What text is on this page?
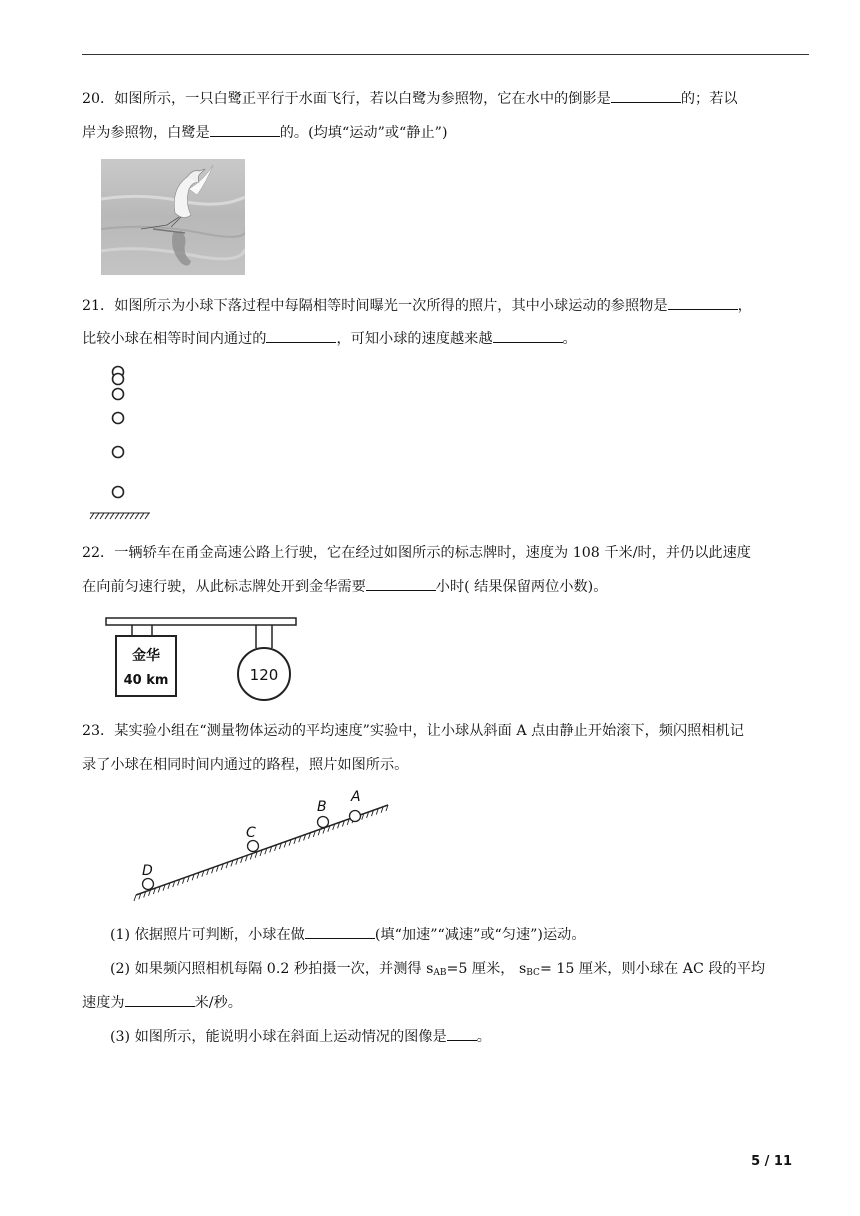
20．如图所示，一只白鹭正平行于水面飞行，若以白鹭为参照物，它在水中的倒影是	的；若以
岸为参照物，白鹭是	的。(均填“运动”或“静止”)
21．如图所示为小球下落过程中每隔相等时间曝光一次所得的照片，其中小球运动的参照物是	，
比较小球在相等时间内通过的	，可知小球的速度越来越	。
22．一辆轿车在甬金高速公路上行驶，它在经过如图所示的标志牌时，速度为 108 千米/时，并仍以此速度
在向前匀速行驶，从此标志牌处开到金华需要	小时( 结果保留两位小数)。
金华
40 km	120
23．某实验小组在“测量物体运动的平均速度”实验中，让小球从斜面 A 点由静止开始滚下，频闪照相机记
录了小球在相同时间内通过的路程，照片如图所示。
A
B
C
D
(1) 依据照片可判断，小球在做	(填“加速”“减速”或“匀速”)运动。
(2) 如果频闪照相机每隔 0.2 秒拍摄一次，并测得 $s_{AB}=5$ 厘米， $s_{BC}= 15$ 厘米，则小球在 AC 段的平均
速度为	米/秒。
(3) 如图所示，能说明小球在斜面上运动情况的图像是 。
5 / 11
